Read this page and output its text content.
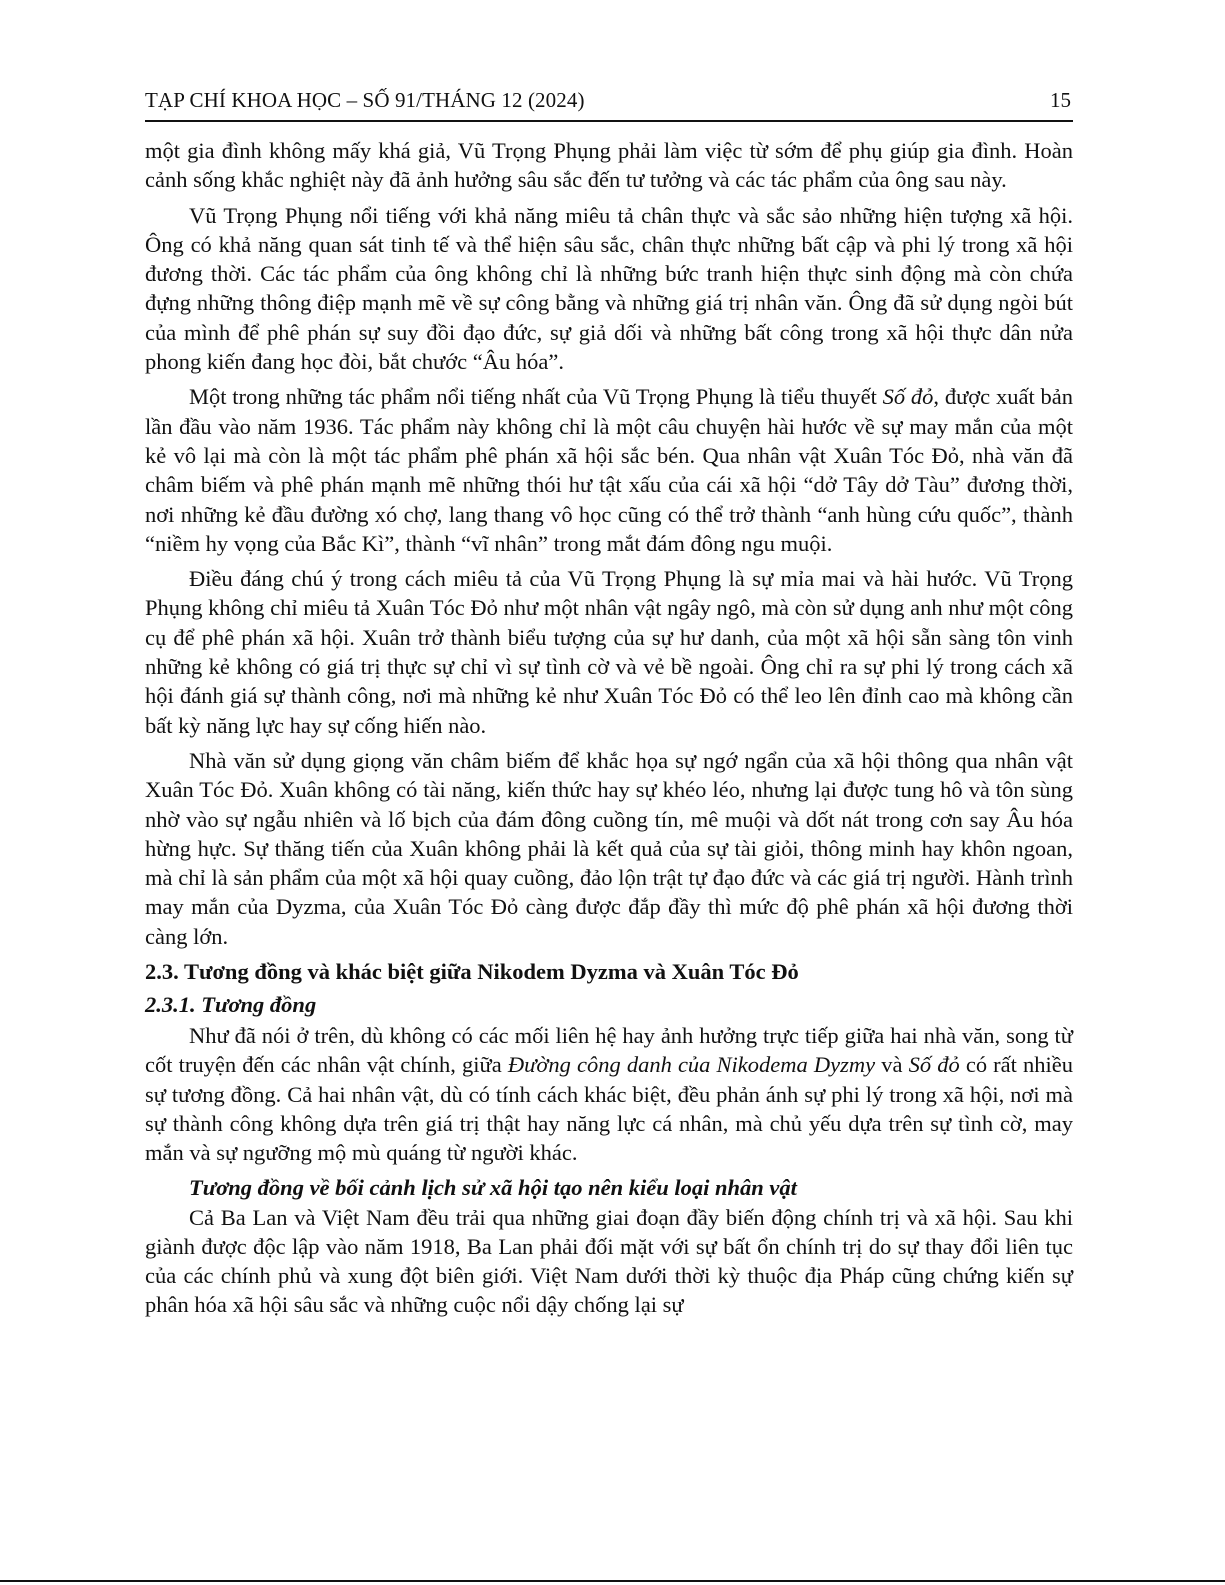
TẠP CHÍ KHOA HỌC – SỐ 91/THÁNG 12 (2024)	15

một gia đình không mấy khá giả, Vũ Trọng Phụng phải làm việc từ sớm để phụ giúp gia đình. Hoàn cảnh sống khắc nghiệt này đã ảnh hưởng sâu sắc đến tư tưởng và các tác phẩm của ông sau này.

Vũ Trọng Phụng nổi tiếng với khả năng miêu tả chân thực và sắc sảo những hiện tượng xã hội. Ông có khả năng quan sát tinh tế và thể hiện sâu sắc, chân thực những bất cập và phi lý trong xã hội đương thời. Các tác phẩm của ông không chỉ là những bức tranh hiện thực sinh động mà còn chứa đựng những thông điệp mạnh mẽ về sự công bằng và những giá trị nhân văn. Ông đã sử dụng ngòi bút của mình để phê phán sự suy đồi đạo đức, sự giả dối và những bất công trong xã hội thực dân nửa phong kiến đang học đòi, bắt chước “Âu hóa”.

Một trong những tác phẩm nổi tiếng nhất của Vũ Trọng Phụng là tiểu thuyết Số đỏ, được xuất bản lần đầu vào năm 1936. Tác phẩm này không chỉ là một câu chuyện hài hước về sự may mắn của một kẻ vô lại mà còn là một tác phẩm phê phán xã hội sắc bén. Qua nhân vật Xuân Tóc Đỏ, nhà văn đã châm biếm và phê phán mạnh mẽ những thói hư tật xấu của cái xã hội “dở Tây dở Tàu” đương thời, nơi những kẻ đầu đường xó chợ, lang thang vô học cũng có thể trở thành “anh hùng cứu quốc”, thành “niềm hy vọng của Bắc Kì”, thành “vĩ nhân” trong mắt đám đông ngu muội.

Điều đáng chú ý trong cách miêu tả của Vũ Trọng Phụng là sự mỉa mai và hài hước. Vũ Trọng Phụng không chỉ miêu tả Xuân Tóc Đỏ như một nhân vật ngây ngô, mà còn sử dụng anh như một công cụ để phê phán xã hội. Xuân trở thành biểu tượng của sự hư danh, của một xã hội sẵn sàng tôn vinh những kẻ không có giá trị thực sự chỉ vì sự tình cờ và vẻ bề ngoài. Ông chỉ ra sự phi lý trong cách xã hội đánh giá sự thành công, nơi mà những kẻ như Xuân Tóc Đỏ có thể leo lên đỉnh cao mà không cần bất kỳ năng lực hay sự cống hiến nào.

Nhà văn sử dụng giọng văn châm biếm để khắc họa sự ngớ ngẩn của xã hội thông qua nhân vật Xuân Tóc Đỏ. Xuân không có tài năng, kiến thức hay sự khéo léo, nhưng lại được tung hô và tôn sùng nhờ vào sự ngẫu nhiên và lố bịch của đám đông cuồng tín, mê muội và dốt nát trong cơn say Âu hóa hừng hực. Sự thăng tiến của Xuân không phải là kết quả của sự tài giỏi, thông minh hay khôn ngoan, mà chỉ là sản phẩm của một xã hội quay cuồng, đảo lộn trật tự đạo đức và các giá trị người. Hành trình may mắn của Dyzma, của Xuân Tóc Đỏ càng được đắp đầy thì mức độ phê phán xã hội đương thời càng lớn.

2.3. Tương đồng và khác biệt giữa Nikodem Dyzma và Xuân Tóc Đỏ
2.3.1. Tương đồng

Như đã nói ở trên, dù không có các mối liên hệ hay ảnh hưởng trực tiếp giữa hai nhà văn, song từ cốt truyện đến các nhân vật chính, giữa Đường công danh của Nikodema Dyzmy và Số đỏ có rất nhiều sự tương đồng. Cả hai nhân vật, dù có tính cách khác biệt, đều phản ánh sự phi lý trong xã hội, nơi mà sự thành công không dựa trên giá trị thật hay năng lực cá nhân, mà chủ yếu dựa trên sự tình cờ, may mắn và sự ngưỡng mộ mù quáng từ người khác.

Tương đồng về bối cảnh lịch sử xã hội tạo nên kiểu loại nhân vật

Cả Ba Lan và Việt Nam đều trải qua những giai đoạn đầy biến động chính trị và xã hội. Sau khi giành được độc lập vào năm 1918, Ba Lan phải đối mặt với sự bất ổn chính trị do sự thay đổi liên tục của các chính phủ và xung đột biên giới. Việt Nam dưới thời kỳ thuộc địa Pháp cũng chứng kiến sự phân hóa xã hội sâu sắc và những cuộc nổi dậy chống lại sự
